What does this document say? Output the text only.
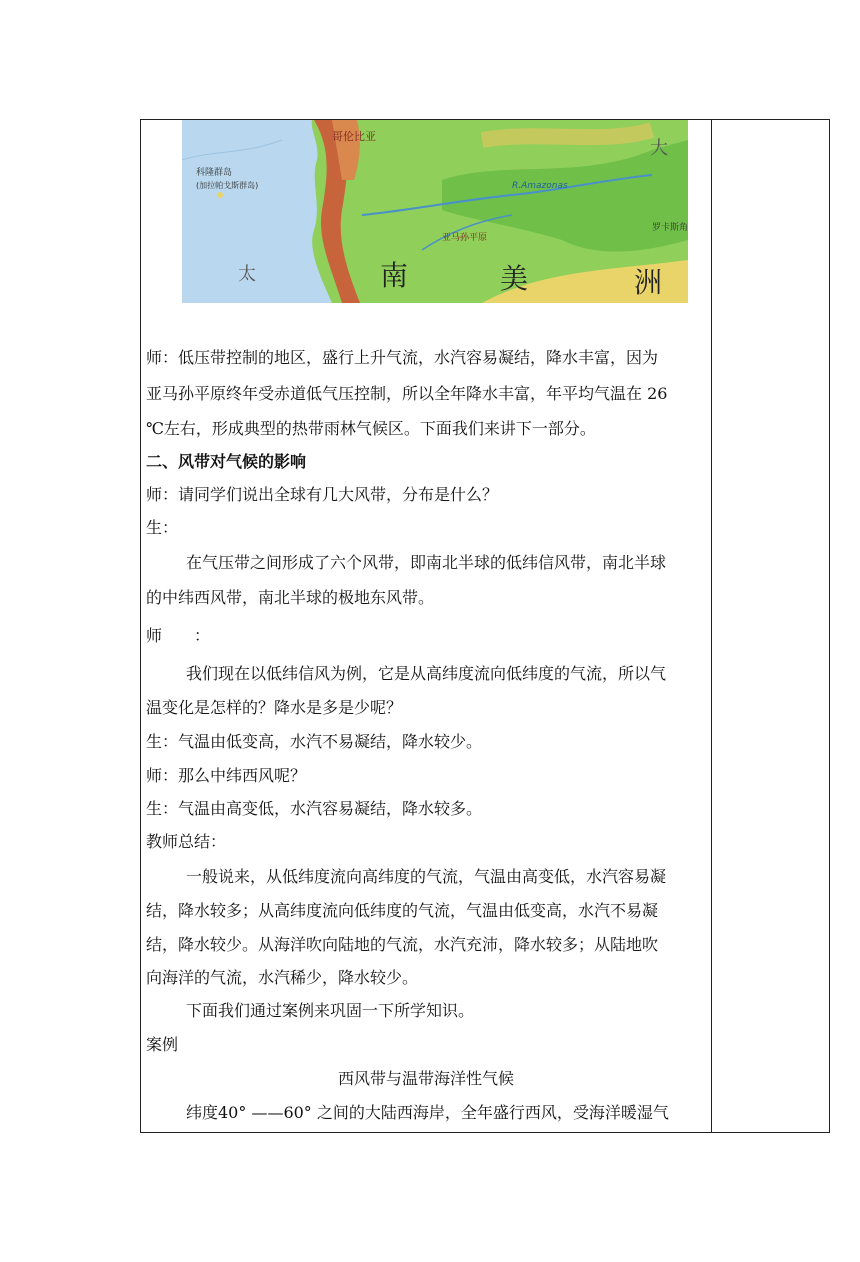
科隆群岛
(加拉帕戈斯群岛)
太
大
罗卡斯角
R.Amazonas
亚马孙平原
哥伦比亚
南	美	洲
师：低压带控制的地区，盛行上升气流，水汽容易凝结，降水丰富，因为
亚马孙平原终年受赤道低气压控制，所以全年降水丰富，年平均气温在 26
℃左右，形成典型的热带雨林气候区。下面我们来讲下一部分。
二、风带对气候的影响
师：请同学们说出全球有几大风带，分布是什么？
生：
在气压带之间形成了六个风带，即南北半球的低纬信风带，南北半球
的中纬西风带，南北半球的极地东风带。
师　　：
我们现在以低纬信风为例，它是从高纬度流向低纬度的气流，所以气
温变化是怎样的？降水是多是少呢？
生：气温由低变高，水汽不易凝结，降水较少。
师：那么中纬西风呢？
生：气温由高变低，水汽容易凝结，降水较多。
教师总结：
一般说来，从低纬度流向高纬度的气流，气温由高变低，水汽容易凝
结，降水较多；从高纬度流向低纬度的气流，气温由低变高，水汽不易凝
结，降水较少。从海洋吹向陆地的气流，水汽充沛，降水较多；从陆地吹
向海洋的气流，水汽稀少，降水较少。
下面我们通过案例来巩固一下所学知识。
案例
西风带与温带海洋性气候
纬度40° ——60° 之间的大陆西海岸，全年盛行西风，受海洋暖湿气
